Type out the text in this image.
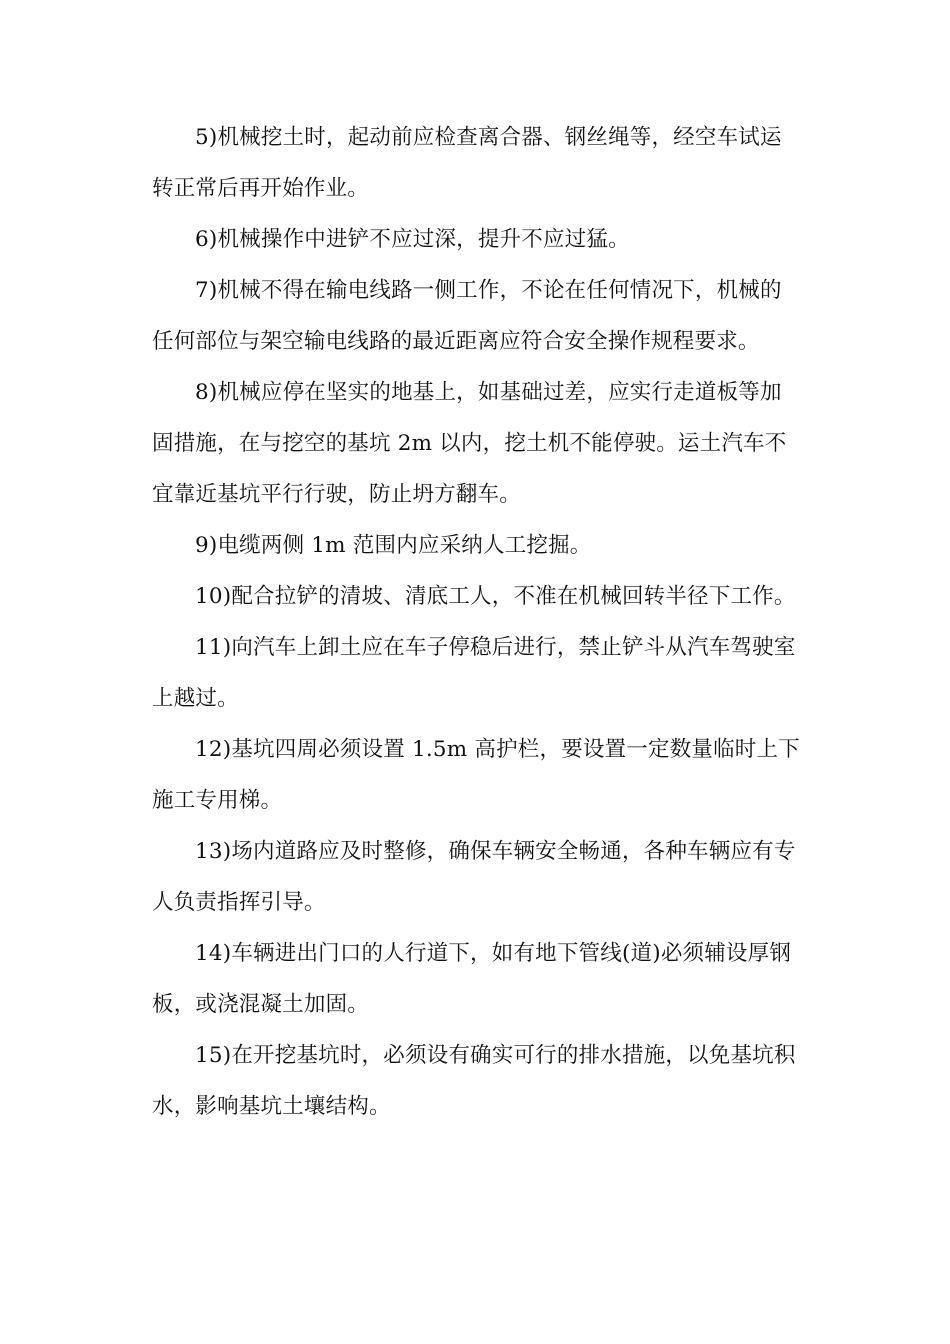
5)机械挖土时，起动前应检查离合器、钢丝绳等，经空车试运转正常后再开始作业。

6)机械操作中进铲不应过深，提升不应过猛。

7)机械不得在输电线路一侧工作，不论在任何情况下，机械的任何部位与架空输电线路的最近距离应符合安全操作规程要求。

8)机械应停在坚实的地基上，如基础过差，应实行走道板等加固措施，在与挖空的基坑 2m 以内，挖土机不能停驶。运土汽车不宜靠近基坑平行行驶，防止坍方翻车。

9)电缆两侧 1m 范围内应采纳人工挖掘。

10)配合拉铲的清坡、清底工人，不准在机械回转半径下工作。

11)向汽车上卸土应在车子停稳后进行，禁止铲斗从汽车驾驶室上越过。

12)基坑四周必须设置 1.5m 高护栏，要设置一定数量临时上下施工专用梯。

13)场内道路应及时整修，确保车辆安全畅通，各种车辆应有专人负责指挥引导。

14)车辆进出门口的人行道下，如有地下管线(道)必须辅设厚钢板，或浇混凝土加固。

15)在开挖基坑时，必须设有确实可行的排水措施，以免基坑积水，影响基坑土壤结构。
